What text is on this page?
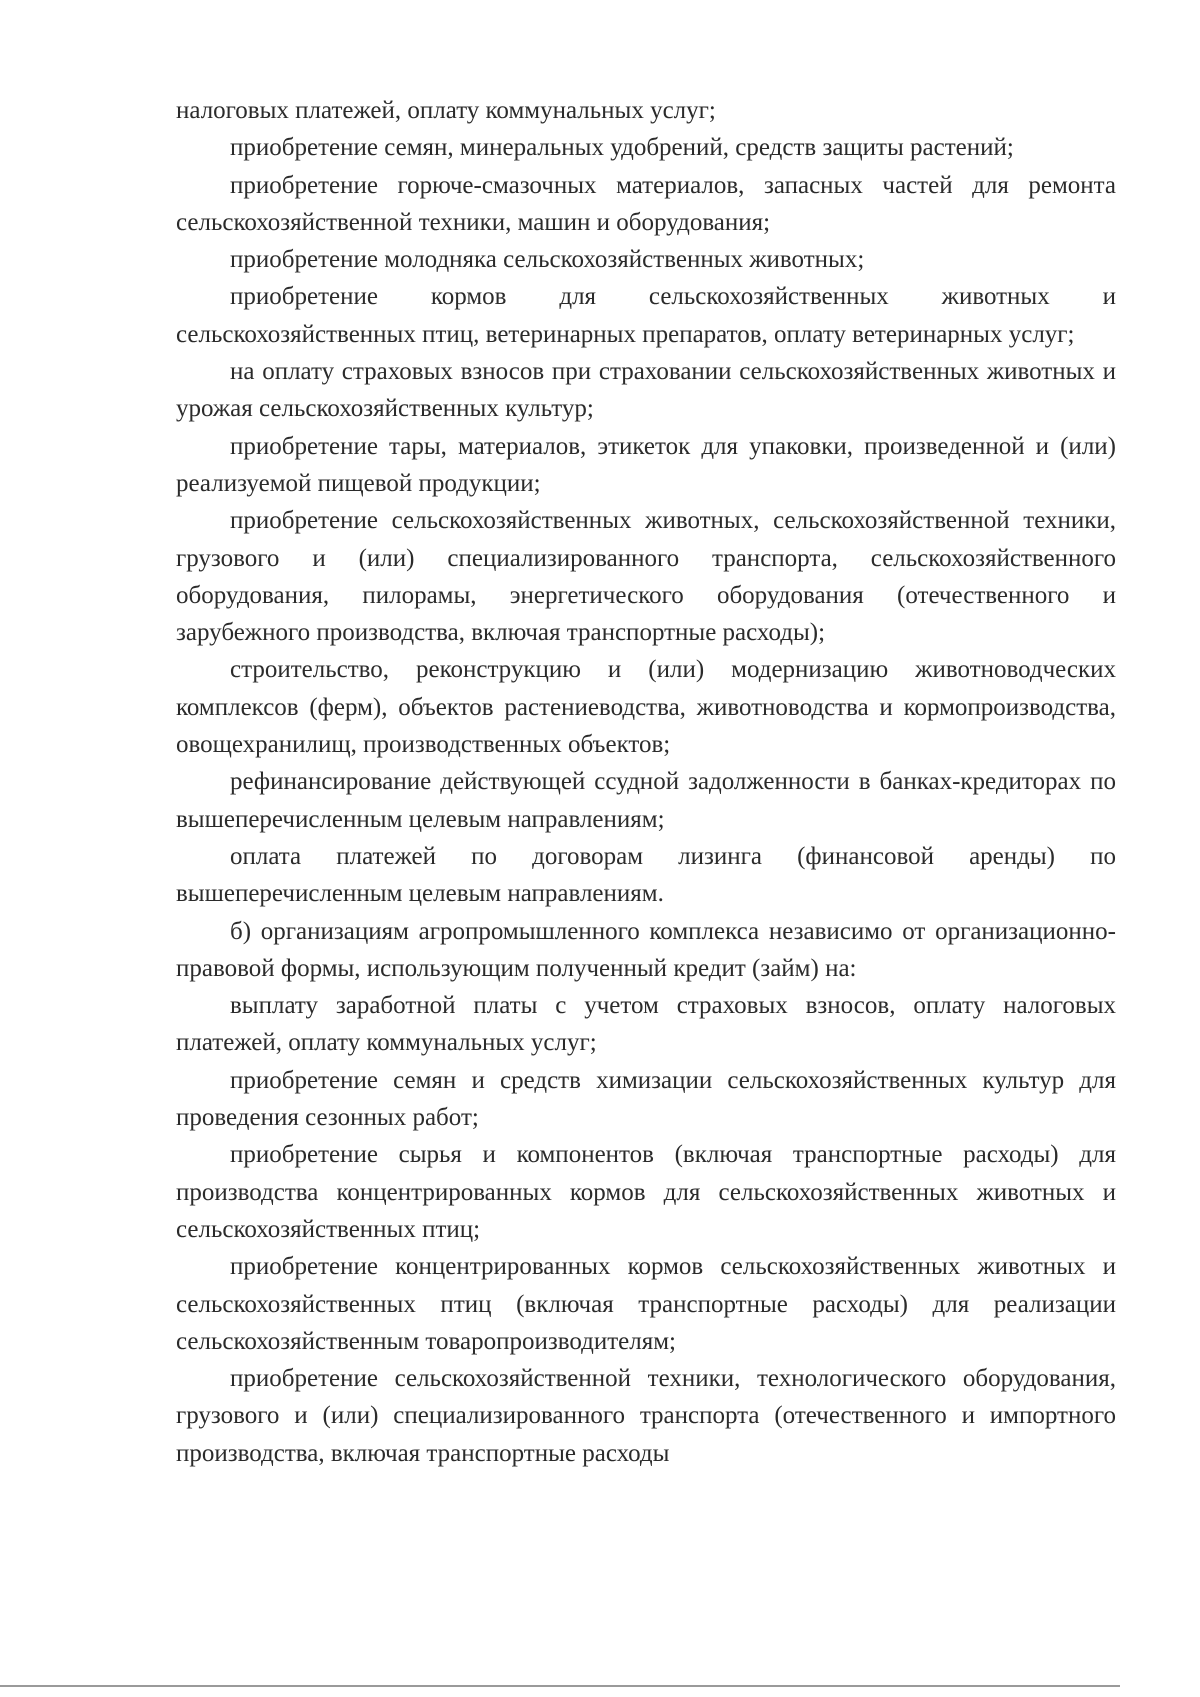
налоговых платежей, оплату коммунальных услуг;

приобретение семян, минеральных удобрений, средств защиты растений;

приобретение горюче-смазочных материалов, запасных частей для ремонта сельскохозяйственной техники, машин и оборудования;

приобретение молодняка сельскохозяйственных животных;

приобретение кормов для сельскохозяйственных животных и сельскохозяйственных птиц, ветеринарных препаратов, оплату ветеринарных услуг;

на оплату страховых взносов при страховании сельскохозяйственных животных и урожая сельскохозяйственных культур;

приобретение тары, материалов, этикеток для упаковки, произведенной и (или) реализуемой пищевой продукции;

приобретение сельскохозяйственных животных, сельскохозяйственной техники, грузового и (или) специализированного транспорта, сельскохозяйственного оборудования, пилорамы, энергетического оборудования (отечественного и зарубежного производства, включая транспортные расходы);

строительство, реконструкцию и (или) модернизацию животноводческих комплексов (ферм), объектов растениеводства, животноводства и кормопроизводства, овощехранилищ, производственных объектов;

рефинансирование действующей ссудной задолженности в банках-кредиторах по вышеперечисленным целевым направлениям;

оплата платежей по договорам лизинга (финансовой аренды) по вышеперечисленным целевым направлениям.

б) организациям агропромышленного комплекса независимо от организационно-правовой формы, использующим полученный кредит (займ) на:

выплату заработной платы с учетом страховых взносов, оплату налоговых платежей, оплату коммунальных услуг;

приобретение семян и средств химизации сельскохозяйственных культур для проведения сезонных работ;

приобретение сырья и компонентов (включая транспортные расходы) для производства концентрированных кормов для сельскохозяйственных животных и сельскохозяйственных птиц;

приобретение концентрированных кормов сельскохозяйственных животных и сельскохозяйственных птиц (включая транспортные расходы) для реализации сельскохозяйственным товаропроизводителям;

приобретение сельскохозяйственной техники, технологического оборудования, грузового и (или) специализированного транспорта (отечественного и импортного производства, включая транспортные расходы
